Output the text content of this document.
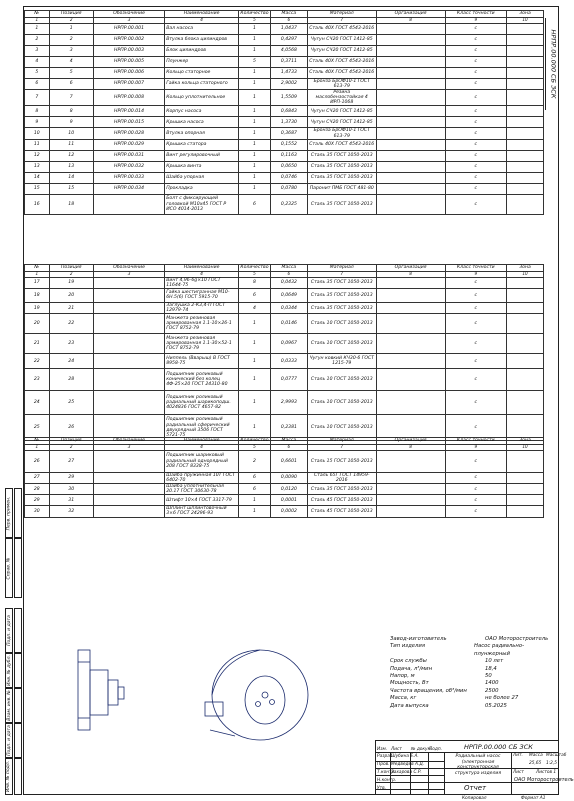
НРПР.00.000 СБ ЗСК
Перв. примен.
Справ. №
Подп. и дата
Инв. № дубл.
Взам. инв. №
Подп. и дата
Инв. № подл.
№	Позиция	Обозначение	Наименование	Количество	Масса	Материал	Организация	Класс точности	Зона
1	2	3	4	5	6	7	8	9	10
1	1	НРПР.00.001	Вал насоса	1	1,0437	Сталь 40Х ГОСТ 4543-2016		с	
2	2	НРПР.00.002	Втулка блока цилиндров	1	0,4297	Чугун СЧ20 ГОСТ 1412-85		с	
3	3	НРПР.00.003	Блок цилиндров	1	4,0568	Чугун СЧ20 ГОСТ 1412-85		с	
4	4	НРПР.00.005	Плунжер	5	0,3711	Сталь 40Х ГОСТ 4543-2016		с	
5	5	НРПР.00.006	Кольцо статорное	1	1,4733	Сталь 40Х ГОСТ 4543-2016		с	
6	6	НРПР.00.007	Гайка кольца статорного	1	2,9002	Бронза БрОФ10-1 ГОСТ 613-79		с	
7	7	НРПР.00.008	Кольцо уплотнительное	1	1,5509	Резина маслобензостойкая 4 ИРП-1068		с	
8	8	НРПР.00.014	Корпус насоса	1	0,6843	Чугун СЧ20 ГОСТ 1412-85		с	
9	9	НРПР.00.015	Крышка насоса	1	1,3730	Чугун СЧ20 ГОСТ 1412-85		с	
10	10	НРПР.00.028	Втулка опорная	1	0,3687	Бронза БрОФ10-1 ГОСТ 613-79		с	
11	11	НРПР.00.029	Крышка статора	1	0,1552	Сталь 40Х ГОСТ 4543-2016		с	
12	12	НРПР.00.031	Винт регулировочный	1	0,1163	Сталь 35 ГОСТ 1050-2013		с	
13	13	НРПР.00.032	Крышка винта	1	0,0650	Сталь 35 ГОСТ 1050-2013		с	
14	14	НРПР.00.033	Шайба упорная	1	0,0746	Сталь 35 ГОСТ 1050-2013		с	
15	15	НРПР.00.034	Прокладка	1	0,0780	Паронит ПМБ ГОСТ 481-80		с	
16	18		Болт с фиксирующей головкой М10х45 ГОСТ Р ИСО 4014-2013	6	0,2325	Сталь 35 ГОСТ 1050-2013		с	
№	Позиция	Обозначение	Наименование	Количество	Масса	Материал	Организация	Класс точности	Зона
1	2	3	4	5	6	7	8	9	10
17	19		Винт 4,96-6g×10 ГОСТ 11644-75	8	0,0432	Сталь 35 ГОСТ 1050-2013		с	
18	20		Гайка шестигранная М10-6Н.5(6) ГОСТ 5915-70	6	0,0649	Сталь 35 ГОСТ 1050-2013		с	
19	21		Заглушка 2-К3,4-П ГОСТ 12979-74	4	0,0344	Сталь 35 ГОСТ 1050-2013		с	
20	22		Манжета резиновая армированная 1.1-10×26-1 ГОСТ 8752-79	1	0,0146	Сталь 10 ГОСТ 1050-2013		с	
21	23		Манжета резиновая армированная 1.1-30×52-1 ГОСТ 8752-79	1	0,0967	Сталь 10 ГОСТ 1050-2013		с	
22	24		Ниппель (Вварыш) В ГОСТ 8958-75	1	0,0333	Чугун ковкий КЧ30-6 ГОСТ 1215-79		с	
23	28		Подшипник роликовый конический без колец 4Ф-25×20 ГОСТ 24310-80	1	0,0777	Сталь 10 ГОСТ 1050-2013		с	
24	25		Подшипник роликовый радиальный шарикоподш. 4024836 ГОСТ 4657-82	1	2,9993	Сталь 10 ГОСТ 1050-2013		с	
25	26		Подшипник роликовый радиальный сферический двухрядный 3506 ГОСТ 5721-75	1	0,2381	Сталь 10 ГОСТ 1050-2013		с	
№	Позиция	Обозначение	Наименование	Количество	Масса	Материал	Организация	Класс точности	Зона
1	2	3	4	5	6	7	8	9	10
26	27		Подшипник шариковый радиальный однорядный 208 ГОСТ 8338-75	2	0,6601	Сталь 15 ГОСТ 1050-2013		с	
27	29		Шайба пружинная 10Т ГОСТ 6402-70	6	0,0090	Сталь 65Г ГОСТ 14959-2016		с	
28	30		Шайба уплотнительная 20.17 ГОСТ 30630-78	6	0,0120	Сталь 35 ГОСТ 1050-2013		с	
29	31		Штифт 10×4 ГОСТ 3317-79	1	0,0001	Сталь 45 ГОСТ 1050-2013		с	
30	32		Шплинт шплинтовочный 3×6 ГОСТ 24296-93	1	0,0002	Сталь 45 ГОСТ 1050-2013		с	
Завод-изготовитель	ОАО Моторостроитель
Тип изделия	Насос радиально-плунжерный
Срок службы	10 лет
Подача, л³/мин	18,4
Напор, м	50
Мощность, Вт	1400
Частота вращения, об³/мин	2500
Масса, кг	не более 27
Дата выпуска	05.2025
НРПР.00.000 СБ ЗСК
Радиальный насос (электронная конструкторская структура изделия
Отчет
Лит. Масса Масштаб
25,65 1:2,5
Лист	Листов 1
ОАО Моторостроитель
Копировал	Формат А1
Изм. Лист № докум.
Подп.
Разраб.
Пров.
Т.контр.
Н.контр.
Утв.
Шубина Е.А.
Медведев А.Д.
Захарова С.Р.
